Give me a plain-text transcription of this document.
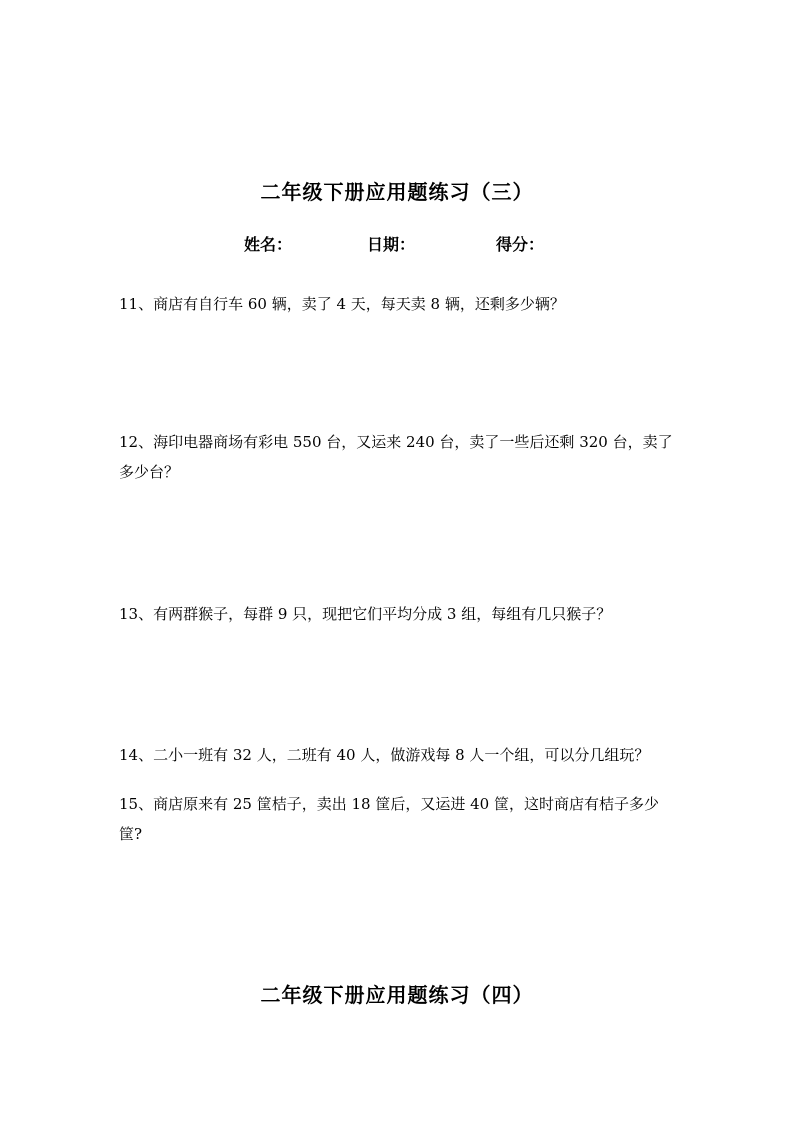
二年级下册应用题练习（三）
姓名：	日期：	得分：

11、商店有自行车 60 辆，卖了 4 天，每天卖 8 辆，还剩多少辆？

12、海印电器商场有彩电 550 台，又运来 240 台，卖了一些后还剩 320 台，卖了多少台？

13、有两群猴子，每群 9 只，现把它们平均分成 3 组，每组有几只猴子？

14、二小一班有 32 人，二班有 40 人，做游戏每 8 人一个组，可以分几组玩？

15、商店原来有 25 筐桔子，卖出 18 筐后，又运进 40 筐，这时商店有桔子多少筐?

二年级下册应用题练习（四）
